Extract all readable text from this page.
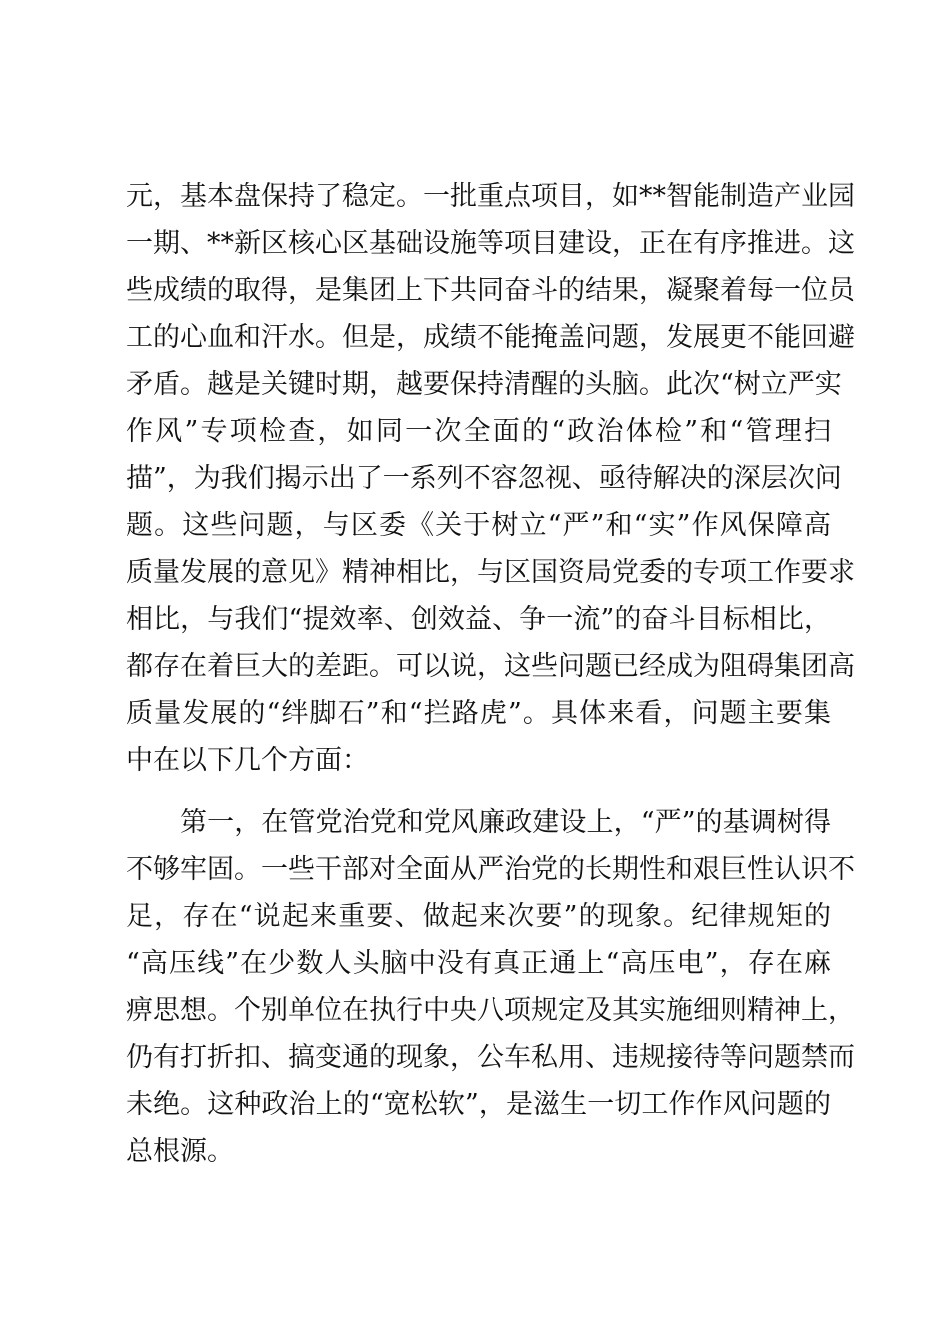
元，基本盘保持了稳定。一批重点项目，如**智能制造产业园
一期、**新区核心区基础设施等项目建设，正在有序推进。这
些成绩的取得，是集团上下共同奋斗的结果，凝聚着每一位员
工的心血和汗水。但是，成绩不能掩盖问题，发展更不能回避
矛盾。越是关键时期，越要保持清醒的头脑。此次“树立严实
作风”专项检查，如同一次全面的“政治体检”和“管理扫
描”，为我们揭示出了一系列不容忽视、亟待解决的深层次问
题。这些问题，与区委《关于树立“严”和“实”作风保障高
质量发展的意见》精神相比，与区国资局党委的专项工作要求
相比，与我们“提效率、创效益、争一流”的奋斗目标相比，
都存在着巨大的差距。可以说，这些问题已经成为阻碍集团高
质量发展的“绊脚石”和“拦路虎”。具体来看，问题主要集
中在以下几个方面：
第一，在管党治党和党风廉政建设上，“严”的基调树得
不够牢固。一些干部对全面从严治党的长期性和艰巨性认识不
足，存在“说起来重要、做起来次要”的现象。纪律规矩的
“高压线”在少数人头脑中没有真正通上“高压电”，存在麻
痹思想。个别单位在执行中央八项规定及其实施细则精神上，
仍有打折扣、搞变通的现象，公车私用、违规接待等问题禁而
未绝。这种政治上的“宽松软”，是滋生一切工作作风问题的
总根源。
